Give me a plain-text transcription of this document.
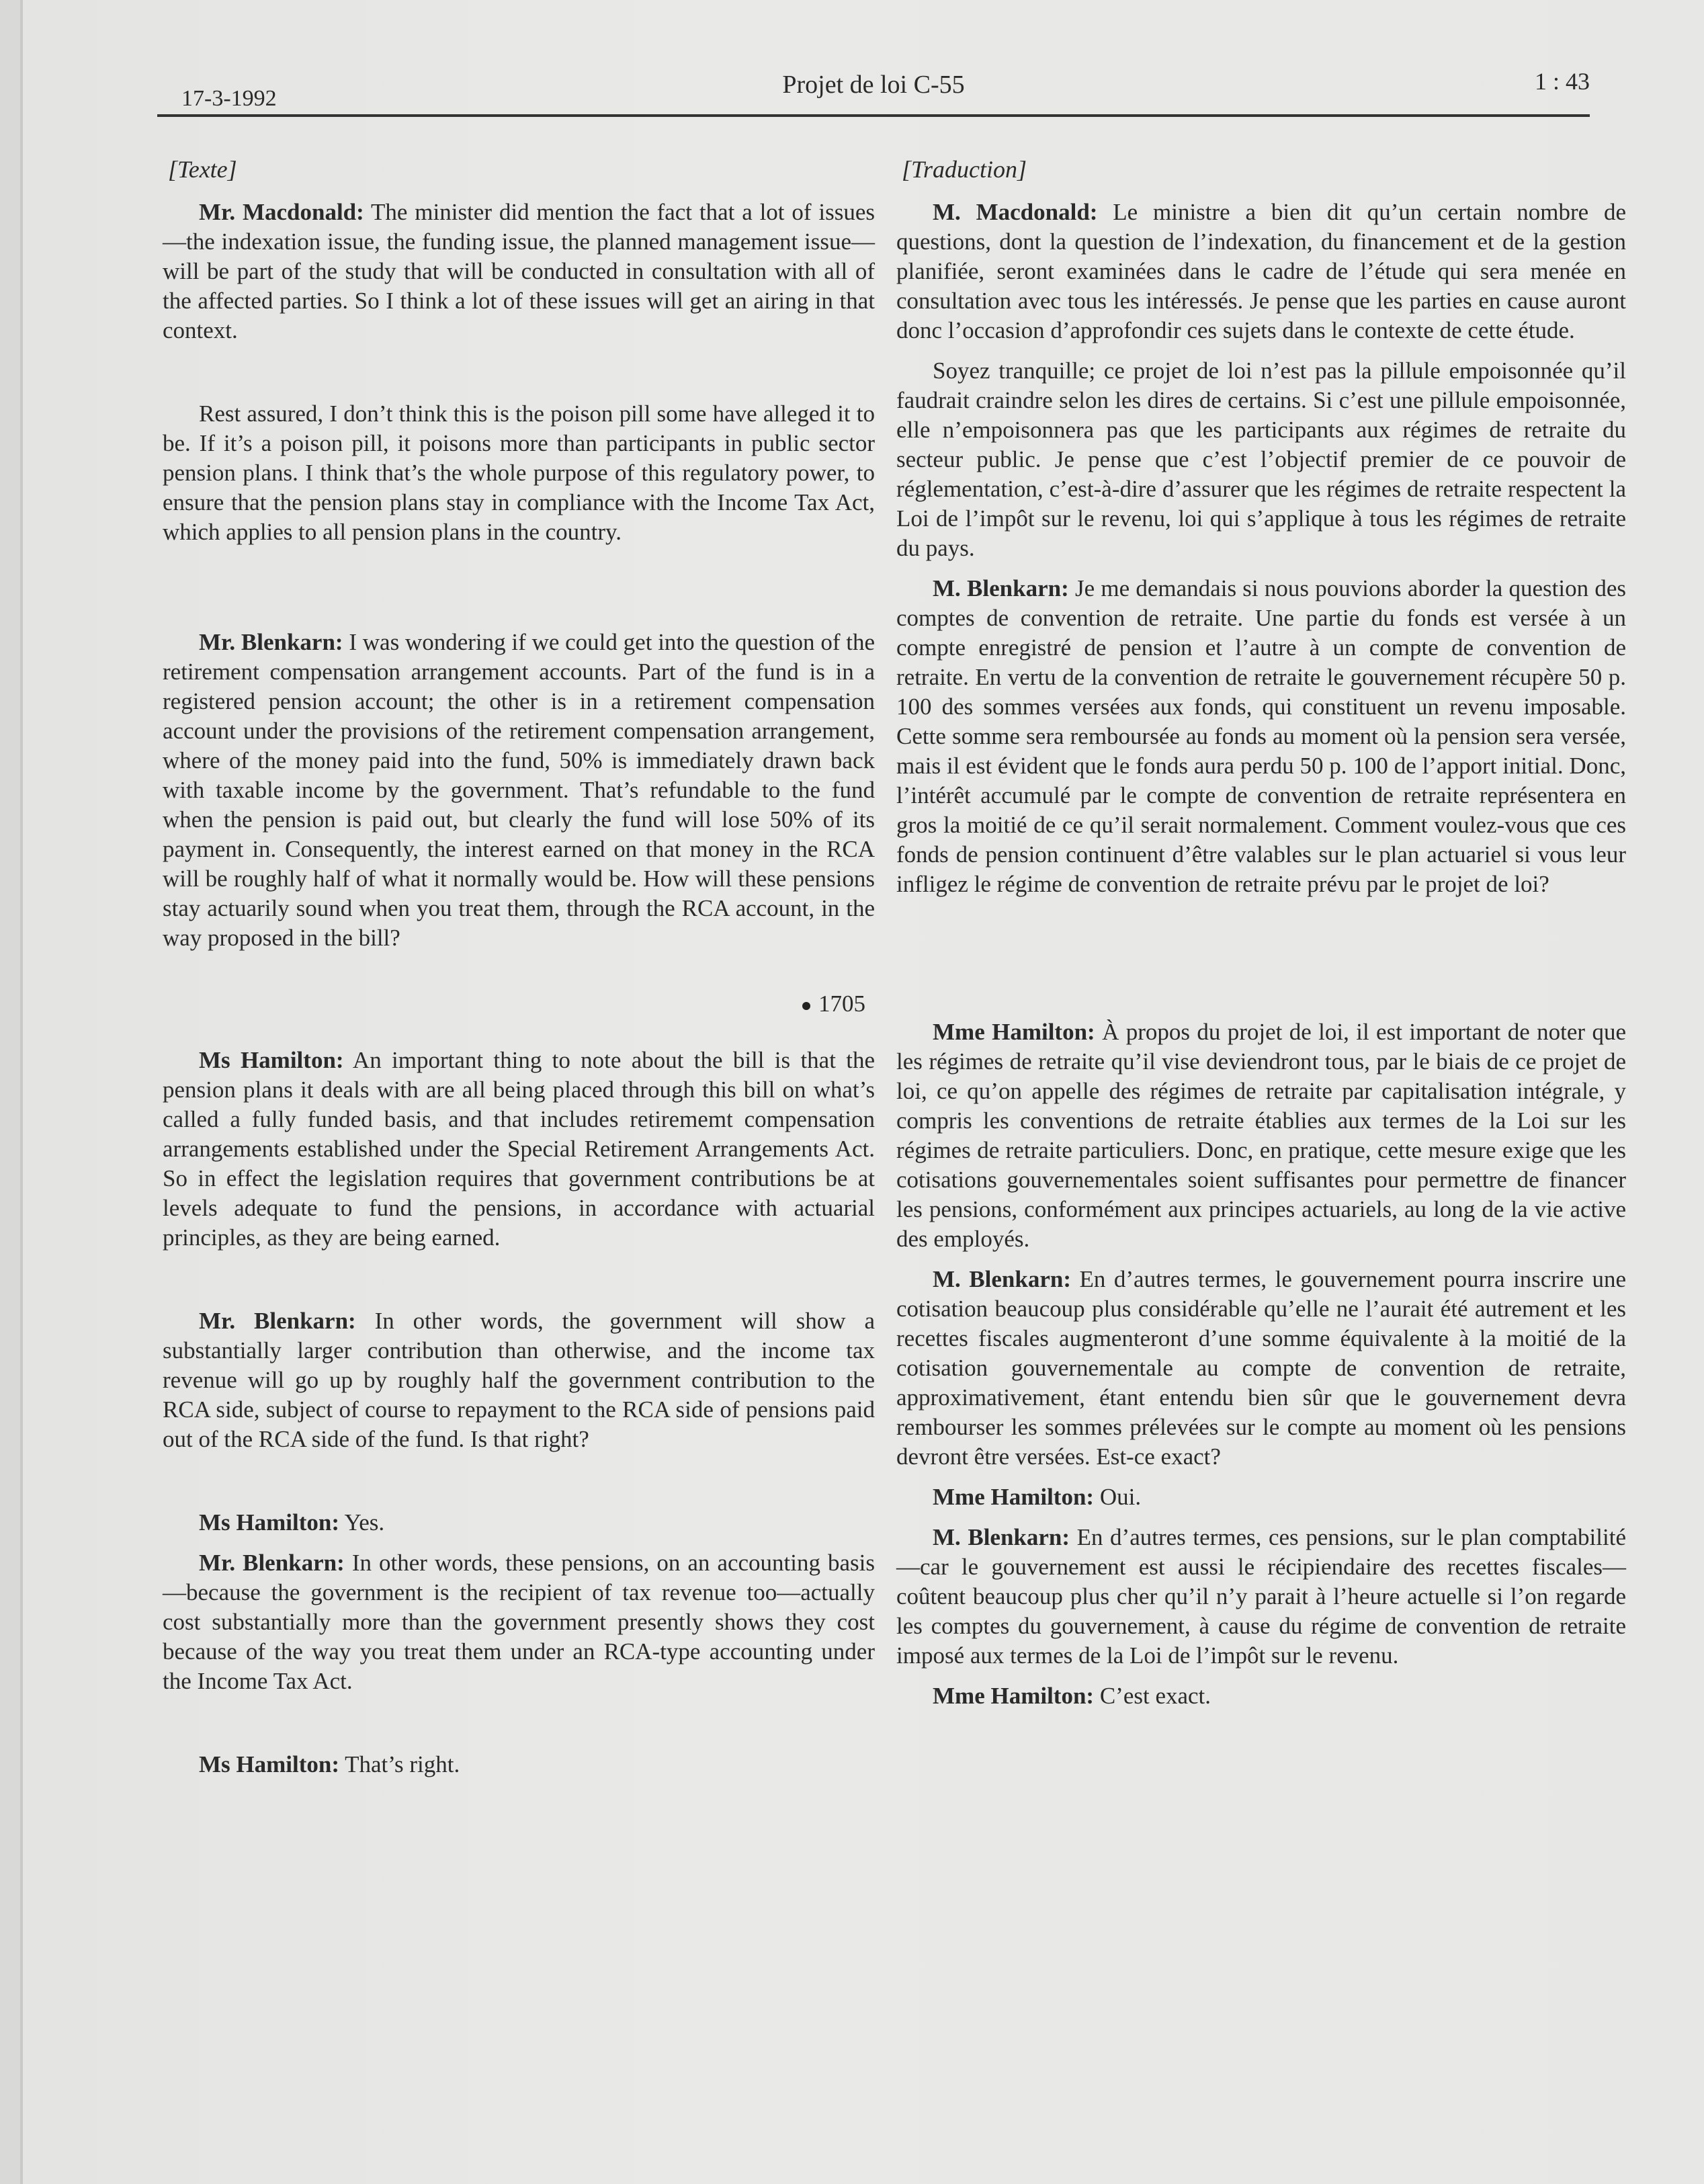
17-3-1992	Projet de loi C-55	1 : 43
[Texte]

Mr. Macdonald: The minister did mention the fact that a lot of issues—the indexation issue, the funding issue, the planned management issue—will be part of the study that will be conducted in consultation with all of the affected parties. So I think a lot of these issues will get an airing in that context.

Rest assured, I don’t think this is the poison pill some have alleged it to be. If it’s a poison pill, it poisons more than participants in public sector pension plans. I think that’s the whole purpose of this regulatory power, to ensure that the pension plans stay in compliance with the Income Tax Act, which applies to all pension plans in the country.

Mr. Blenkarn: I was wondering if we could get into the question of the retirement compensation arrangement accounts. Part of the fund is in a registered pension account; the other is in a retirement compensation account under the provisions of the retirement compensation arrangement, where of the money paid into the fund, 50% is immediately drawn back with taxable income by the government. That’s refundable to the fund when the pension is paid out, but clearly the fund will lose 50% of its payment in. Consequently, the interest earned on that money in the RCA will be roughly half of what it normally would be. How will these pensions stay actuarily sound when you treat them, through the RCA account, in the way proposed in the bill?

1705

Ms Hamilton: An important thing to note about the bill is that the pension plans it deals with are all being placed through this bill on what’s called a fully funded basis, and that includes retirememt compensation arrangements established under the Special Retirement Arrangements Act. So in effect the legislation requires that government contributions be at levels adequate to fund the pensions, in accordance with actuarial principles, as they are being earned.

Mr. Blenkarn: In other words, the government will show a substantially larger contribution than otherwise, and the income tax revenue will go up by roughly half the government contribution to the RCA side, subject of course to repayment to the RCA side of pensions paid out of the RCA side of the fund. Is that right?

Ms Hamilton: Yes.

Mr. Blenkarn: In other words, these pensions, on an accounting basis—because the government is the recipient of tax revenue too—actually cost substantially more than the government presently shows they cost because of the way you treat them under an RCA-type accounting under the Income Tax Act.

Ms Hamilton: That’s right.

[Traduction]

M. Macdonald: Le ministre a bien dit qu’un certain nombre de questions, dont la question de l’indexation, du financement et de la gestion planifiée, seront examinées dans le cadre de l’étude qui sera menée en consultation avec tous les intéressés. Je pense que les parties en cause auront donc l’occasion d’approfondir ces sujets dans le contexte de cette étude.

Soyez tranquille; ce projet de loi n’est pas la pillule empoisonnée qu’il faudrait craindre selon les dires de certains. Si c’est une pillule empoisonnée, elle n’empoisonnera pas que les participants aux régimes de retraite du secteur public. Je pense que c’est l’objectif premier de ce pouvoir de réglementation, c’est-à-dire d’assurer que les régimes de retraite respectent la Loi de l’impôt sur le revenu, loi qui s’applique à tous les régimes de retraite du pays.

M. Blenkarn: Je me demandais si nous pouvions aborder la question des comptes de convention de retraite. Une partie du fonds est versée à un compte enregistré de pension et l’autre à un compte de convention de retraite. En vertu de la convention de retraite le gouvernement récupère 50 p. 100 des sommes versées aux fonds, qui constituent un revenu imposable. Cette somme sera remboursée au fonds au moment où la pension sera versée, mais il est évident que le fonds aura perdu 50 p. 100 de l’apport initial. Donc, l’intérêt accumulé par le compte de convention de retraite représentera en gros la moitié de ce qu’il serait normalement. Comment voulez-vous que ces fonds de pension continuent d’être valables sur le plan actuariel si vous leur infligez le régime de convention de retraite prévu par le projet de loi?

Mme Hamilton: À propos du projet de loi, il est important de noter que les régimes de retraite qu’il vise deviendront tous, par le biais de ce projet de loi, ce qu’on appelle des régimes de retraite par capitalisation intégrale, y compris les conventions de retraite établies aux termes de la Loi sur les régimes de retraite particuliers. Donc, en pratique, cette mesure exige que les cotisations gouvernementales soient suffisantes pour permettre de financer les pensions, conformément aux principes actuariels, au long de la vie active des employés.

M. Blenkarn: En d’autres termes, le gouvernement pourra inscrire une cotisation beaucoup plus considérable qu’elle ne l’aurait été autrement et les recettes fiscales augmenteront d’une somme équivalente à la moitié de la cotisation gouvernementale au compte de convention de retraite, approximativement, étant entendu bien sûr que le gouvernement devra rembourser les sommes prélevées sur le compte au moment où les pensions devront être versées. Est-ce exact?

Mme Hamilton: Oui.

M. Blenkarn: En d’autres termes, ces pensions, sur le plan comptabilité—car le gouvernement est aussi le récipiendaire des recettes fiscales—coûtent beaucoup plus cher qu’il n’y parait à l’heure actuelle si l’on regarde les comptes du gouvernement, à cause du régime de convention de retraite imposé aux termes de la Loi de l’impôt sur le revenu.

Mme Hamilton: C’est exact.
